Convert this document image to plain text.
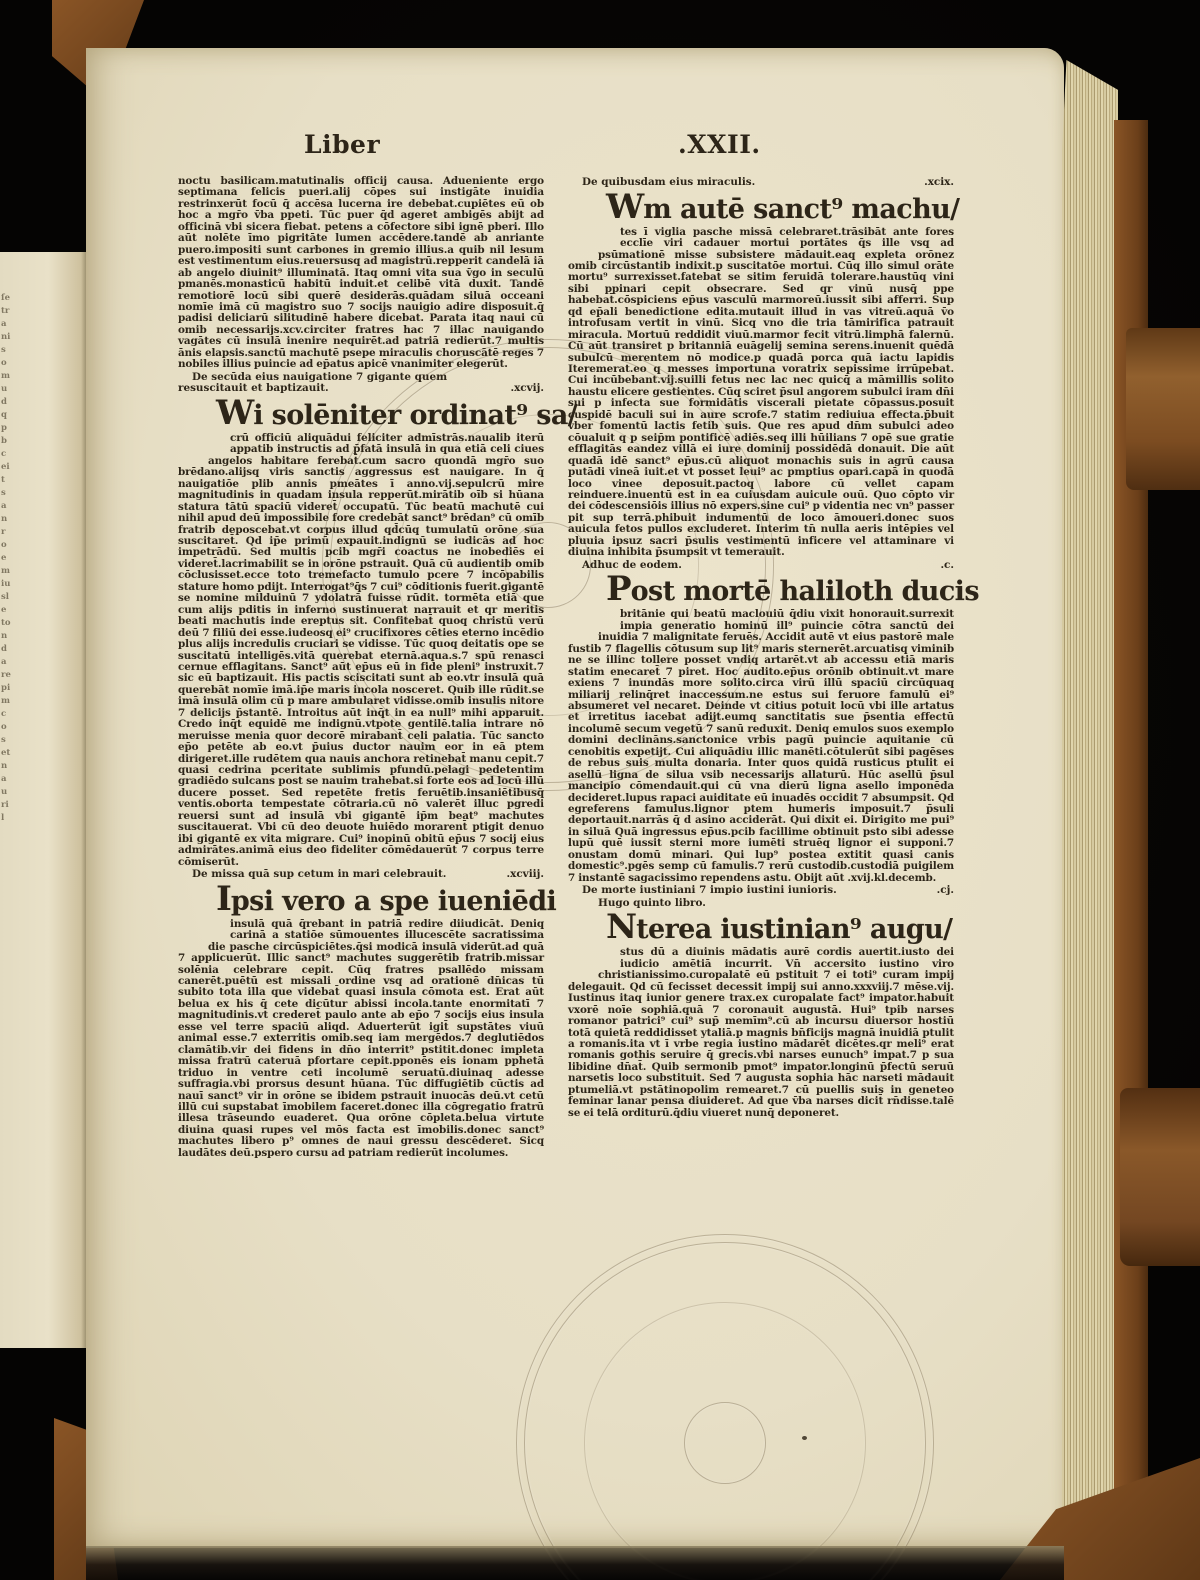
ſetraniso mudqp bceit sanroe miusle tonda repimc osetn auril
Liber	.XXII.
noctu basilicam.matutinalis officij causa. Adueniente ergo septimana felicis pueri.alij cōpes sui instigāte inuidia restrinxerūt focū q̄ accēsa lucerna ire debebat.cupiētes eū ob hoc a mgr̄o v̄ba ppeti. Tūc puer q̄d ageret ambigēs abijt ad officinā vbi sicera fiebat. petens a cōfectore sibi ignē pberi. Illo aūt nolēte īmo pigritāte lumen accēdere.tandē ab anriante puero.impositi sunt carbones in gremio illius.a quib nil lesum est vestimentum eius.reuersusq ad magistrū.repperit candelā iā ab angelo diuinit⁹ illuminatā. Itaq omni vita sua v̄go in seculū pmanēs.monasticū habitū induit.et celibē vitā duxit. Tandē remotiorē locū sibi querē desiderās.quādam siluā occeani nomīe imā cū magistro suo 7 socijs nauigio adire disposuit.q̄ padisi deliciarū silitudinē habere dicebat. Parata itaq naui cū omib necessarijs.xcv.circiter fratres hac 7 illac nauigando vagātes cū insulā inenire nequirēt.ad patriā redierūt.7 multis ānis elapsis.sanctū machutē psepe miraculis choruscātē reges 7 nobiles illius puincie ad ep̄atus apicē vnanimiter elegerūt.
De secūda eius nauigatione 7 gigante quem resuscitauit et baptizauit.	.xcvij.
Wi solēniter ordinat⁹ sa/
crū officiū aliquādui feliciter admīstrās.naualib iterū appatib instructis ad p̄fatā insulā in qua etiā celi ciues angelos habitare ferebat̄.cum sacro quondā mgr̄o suo brēdano.alijsq viris sanctis aggressus est nauigare. In q̄ nauigatiōe plib annis pmeātes ī anno.vij.sepulcrū mire magnitudinis in quadam insula repperūt.mirātib oīb si hūana statura tātū spaciū videret̄ occupatū. Tūc beatū machutē cui nihil apud deū impossibile fore credebāt sanct⁹ brēdan⁹ cū omīb fratrib deposcebat.vt corpus illud qd̄cūq tumulatū orōne sua suscitaret̄. Qd ip̄e primū expauit.indignū se iudicās ad hoc impetrādū. Sed multis pcib mgr̄i coactus ne inobediēs ei videret̄.lacrimabilit se in orōne pstrauit. Quā cū audientib omib cōclusisset.ecce toto tremefacto tumulo pcere 7 incōpabilis stature homo pdijt. Interrogat⁹q̄s 7 cui⁹ cōditionis fuerit.gigantē se nomine milduinū 7 ydolatrā fuisse rūdit. tormēta etiā que cum alijs pditis in inferno sustinuerat narrauit et qr meritis beati machutis inde ereptus sit. Confitebat̄ quoq christū verū deū 7 filiū dei esse.iudeosq ei⁹ crucifixores cēties eterno incēdio plus alijs incredulis cruciari se vidisse. Tūc quoq deitatis ope se suscitatū intelligēs.vitā querebat eternā.aqua.s.7 spū renasci cernue efflagitans. Sanct⁹ aūt ep̄us eū in fide pleni⁹ instruxit.7 sic eū baptizauit. His pactis sciscitati sunt ab eo.vtr insulā quā querebāt nomīe imā.ip̄e maris incola nosceret. Quib ille rūdit.se imā insulā olim cū p mare ambularet vidisse.omib insulis nitore 7 delicijs p̄stantē. Introitus aūt inq̄t in ea null⁹ mihi apparuit. Credo inq̄t equidē me indignū.vtpote gentilē.talia intrare nō meruisse menia quor decorē mirabant̄ celi palatia. Tūc sancto ep̄o petēte ab eo.vt p̄uius ductor nauim eor in eā ptem dirigeret.ille rudētem qua nauis anchora retinebat̄ manu cepit.7 quasi cedrina pceritate sublimis pfundū.pelagi pedetentim gradiēdo sulcans post se nauim trahebat.si forte eos ad locū illū ducere posset. Sed repetēte fretis feruētib.insaniētibusq̄ ventis.oborta tempestate cōtraria.cū nō valerēt illuc pgredi reuersi sunt ad insulā vbi gigantē ip̄m beat⁹ machutes suscitauerat. Vbi cū deo deuote huiēdo morarent̄ ptigit denuo ibi gigantē ex vita migrare. Cui⁹ inopinū obitū ep̄us 7 socij eius admirātes.animā eius deo fideliter cōmēdauerūt 7 corpus terre cōmiserūt.
De missa quā sup cetum in mari celebrauit.	.xcviij.
Ipsi vero a spe iueniēdi
insulā quā q̄rebant in patriā redire diiudicāt. Deniq carinā a statiōe sūmouentes illucescēte sacratissima die pasche circūspiciētes.q̄si modicā insulā viderūt.ad quā 7 applicuerūt. Illic sanct⁹ machutes suggerētib fratrib.missar solēnia celebrare cepit. Cūq fratres psallēdo missam canerēt.puētū est missali ordine vsq ad orationē dn̄icas tū subito tota illa que videbat̄ quasi insula cōmota est. Erat aūt belua ex his q̄ cete dicūtur abissi incola.tante enormitatī 7 magnitudinis.vt crederet̄ paulo ante ab ep̄o 7 socijs eius insula esse vel terre spaciū aliqd. Aduerterūt igit̄ supstātes viuū animal esse.7 exterritis omib.seq iam mergēdos.7 deglutiēdos clamātib.vir dei fidens in dn̄o interrit⁹ pstitit.donec impleta missa fratrū cateruā pfortare cepit.pponēs eis ionam pphetā triduo in ventre ceti incolumē seruatū.diuinaq adesse suffragia.vbi prorsus desunt hūana. Tūc diffugiētib cūctis ad nauī sanct⁹ vir in orōne se ibidem pstrauit inuocās deū.vt cetū illū cui supstabat īmobilem faceret.donec illa cōgregatio fratrū illesa trāseundo euaderet. Qua orōne cōpleta.belua virtute diuina quasi rupes vel mōs facta est īmobilis.donec sanct⁹ machutes libero p⁹ omnes de naui gressu descēderet. Sicq laudātes deū.pspero cursu ad patriam redierūt incolumes.
De quibusdam eius miraculis.	.xcix.
Wm autē sanct⁹ machu/
tes ī viglia pasche missā celebraret.trāsibāt ante fores ecclīe viri cadauer mortui portātes q̄s ille vsq ad psūmationē misse subsistere mādauit.eaq expleta orōnez omib circūstantib indixit.p suscitatōe mortui. Cūq illo simul orāte mortu⁹ surrexisset.fatebat̄ se sitim feruidā tolerare.haustūq vini sibi ppinari cepit obsecrare. Sed qr vinū nusq̄ ppe habebat̄.cōspiciens ep̄us vasculū marmoreū.iussit sibi afferri. Sup qd ep̄ali benedictione edita.mutauit illud in vas vitreū.aquā v̄o introfusam vertit in vinū. Sicq vno die tria tāmirifica patrauit miracula. Mortuū reddidit viuū.marmor fecit vitrū.limphā falernū. Cū aūt transiret p britanniā euāgelij semina serens.inuenit quēdā subulcū merentem nō modice.p quadā porca quā iactu lapidis Iteremerat.eo q messes importuna voratrix sepissime irrūpebat. Cui incūbebant.vij.suilli fetus nec lac nec quicq̄ a māmillis solito haustu elicere gestientes. Cūq sciret p̄sul angorem subulci iram dn̄i sui p infecta sue formidātis viscerali pietate cōpassus.posuit cuspidē baculi sui in aure scrofe.7 statim rediuiua effecta.p̄buit vber fomentū lactis fetib suis. Que res apud dn̄m subulci adeo cōualuit q p seip̄m pontificē adiēs.seq illi hūilians 7 opē sue gratie efflagitās eandez villā ei iure dominij possidēdā donauit. Die aūt quadā idē sanct⁹ ep̄us.cū aliquot monachis suis in agrū causa putādi vineā iuit.et vt posset leui⁹ ac pmptius opari.capā in quodā loco vinee deposuit.pactoq labore cū vellet capam reinduere.inuentū est in ea cuiusdam auicule ouū. Quo cōpto vir dei cōdescensiōis illius nō expers.sine cui⁹ p videntia nec vn⁹ passer pit sup terrā.phibuit indumentū de loco āmoueri.donec suos auicula fetos pullos excluderet. Interim tn̄ nulla aeris intēpies vel pluuia ipsuz sacri p̄sulis vestimentū inficere vel attaminare vi diuina inhibita p̄sumpsit vt temerauit.
Adhuc de eodem.	.c.
Post mortē haliloth ducis
britānie qui beatū maclouiū q̄diu vixit honorauit.surrexit impia generatio hominū ill⁹ puincie cōtra sanctū dei inuidia 7 malignitate feruēs. Accidit autē vt eius pastorē male fustib 7 flagellis cōtusum sup lit⁹ maris sternerēt.arcuatisq viminib ne se illinc tollere posset vndiq artarēt.vt ab accessu etiā maris statim enecaret̄ 7 piret. Hoc audito.ep̄us orōnib obtinuit.vt mare exiens 7 inundās more solito.circa virū illū spaciū circūquaq miliarij relinq̄ret inaccessum.ne estus sui feruore famulū ei⁹ absumeret vel necaret. Deinde vt citius potuit locū vbi ille artatus et irretitus iacebat adijt.eumq sanctitatis sue p̄sentia effectū incolumē secum vegetū 7 sanū reduxit. Deniq emulos suos exemplo domini declināns.sanctonice vrbis pagū puincie aquitanie cū cenobitis expetijt. Cui aliquādiu illic manēti.cōtulerūt sibi pagēses de rebus suis multa donaria. Inter quos quidā rusticus ptulit ei asellū ligna de silua vsib necessarijs allaturū. Hūc asellū p̄sul mancipio cōmendauit.qui cū vna dierū ligna asello imponēda decideret.lupus rapaci auiditate eū inuadēs occidit 7 absumpsit. Qd egreferens famulus.lignor ptem humeris imposuit.7 p̄suli deportauit.narrās q̄ d asino acciderāt. Qui dixit ei. Dirigito me pui⁹ in siluā Quā ingressus ep̄us.pcib facillime obtinuit psto sibi adesse lupū quē iussit sterni more iumēti struēq lignor ei supponi.7 onustam domū minari. Qui lup⁹ postea extitit quasi canis domestic⁹.pgēs semp cū famulis.7 rerū custodib.custodiā puigilem 7 instantē sagacissimo rependens astu. Obijt aūt .xvij.kl.decemb.
De morte iustiniani 7 impio iustini iunioris.	.cj.
Hugo quinto libro.
Nterea iustinian⁹ augu/
stus dū a diuinis mādatis aurē cordis auertit.iusto dei iudicio amētiā incurrit. Vn̄ accersito iustino viro christianissimo.curopalatē eū pstituit 7 ei toti⁹ curam impij delegauit. Qd cū fecisset decessit impij sui anno.xxxviij.7 mēse.vij. Iustinus itaq iunior genere trax.ex curopalate fact⁹ impator.habuit vxorē noīe sophiā.quā 7 coronauit augustā. Hui⁹ tpib narses romanor patrici⁹ cui⁹ sup̄ memīm⁹.cū ab incursu diuersor hostiū totā quietā reddidisset ytaliā.p magnis bn̄ficijs magnā inuidiā ptulit a romanis.ita vt ī vrbe regia iustino mādarēt dicētes.qr meli⁹ erat romanis gothis seruire q̄ grecis.vbi narses eunuch⁹ impat.7 p sua libidine dn̄at̄. Quib sermonib pmot⁹ impator.longinū p̄fectū seruū narsetis loco substituit. Sed 7 augusta sophia hāc narseti mādauit ptumeliā.vt pstātinopolim remearet.7 cū puellis suis in geneteo feminar lanar pensa diuideret. Ad que v̄ba narses dicit̄ rn̄disse.talē se ei telā orditurū.q̄diu viueret nunq̄ deponeret.
